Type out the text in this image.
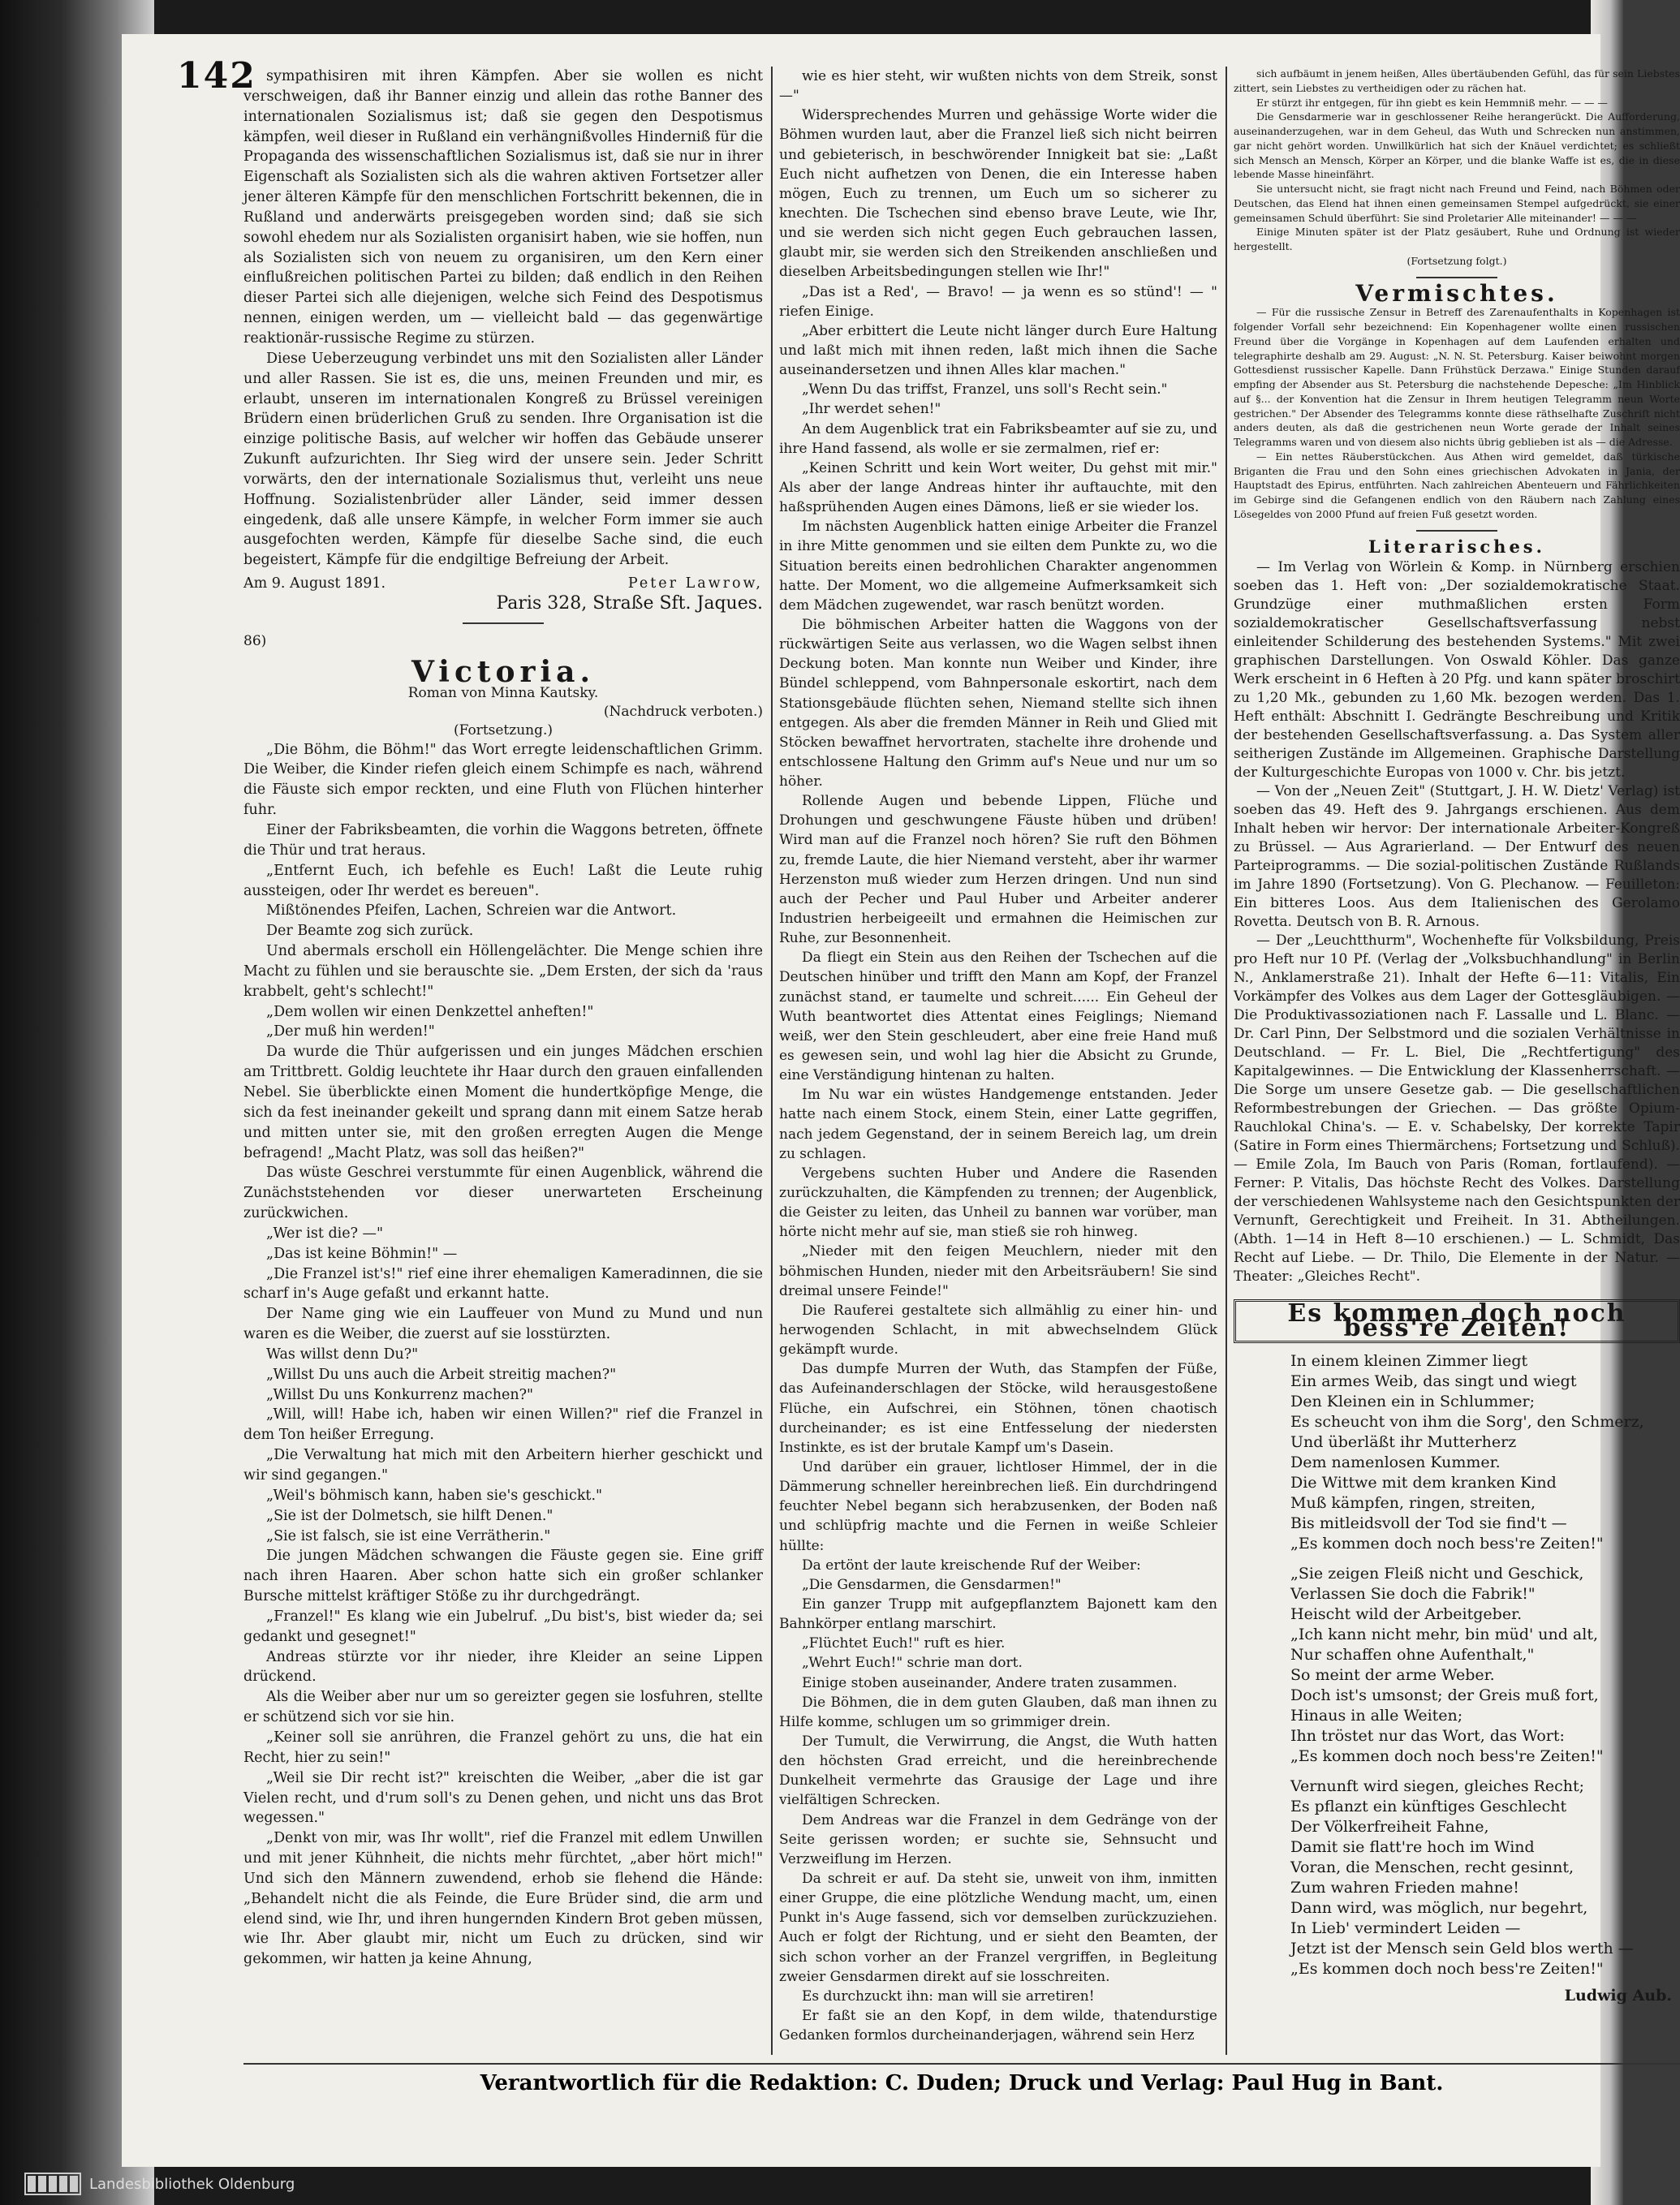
142 sympathisiren mit ihren Kämpfen. Aber sie wollen es nicht verschweigen, daß ihr Banner einzig und allein das rothe Banner des internationalen Sozialismus ist; daß sie gegen den Despotismus kämpfen, weil dieser in Rußland ein verhängnißvolles Hinderniß für die Propaganda des wissenschaftlichen Sozialismus ist, daß sie nur in ihrer Eigenschaft als Sozialisten sich als die wahren aktiven Fortsetzer aller jener älteren Kämpfe für den menschlichen Fortschritt bekennen, die in Rußland und anderwärts preisgegeben worden sind; daß sie sich sowohl ehedem nur als Sozialisten organisirt haben, wie sie hoffen, nun als Sozialisten sich von neuem zu organisiren, um den Kern einer einflußreichen politischen Partei zu bilden; daß endlich in den Reihen dieser Partei sich alle diejenigen, welche sich Feind des Despotismus nennen, einigen werden, um — vielleicht bald — das gegenwärtige reaktionär-russische Regime zu stürzen.

Diese Ueberzeugung verbindet uns mit den Sozialisten aller Länder und aller Rassen. Sie ist es, die uns, meinen Freunden und mir, es erlaubt, unseren im internationalen Kongreß zu Brüssel vereinigen Brüdern einen brüderlichen Gruß zu senden. Ihre Organisation ist die einzige politische Basis, auf welcher wir hoffen das Gebäude unserer Zukunft aufzurichten. Ihr Sieg wird der unsere sein. Jeder Schritt vorwärts, den der internationale Sozialismus thut, verleiht uns neue Hoffnung. Sozialistenbrüder aller Länder, seid immer dessen eingedenk, daß alle unsere Kämpfe, in welcher Form immer sie auch ausgefochten werden, Kämpfe für dieselbe Sache sind, die euch begeistert, Kämpfe für die endgiltige Befreiung der Arbeit.

Am 9. August 1891.	Peter Lawrow,

Paris 328, Straße Sft. Jaques.

86)

Victoria.

Roman von Minna Kautsky.

(Nachdruck verboten.)

(Fortsetzung.)

„Die Böhm, die Böhm!" das Wort erregte leidenschaftlichen Grimm. Die Weiber, die Kinder riefen gleich einem Schimpfe es nach, während die Fäuste sich empor reckten, und eine Fluth von Flüchen hinterher fuhr.

Einer der Fabriksbeamten, die vorhin die Waggons betreten, öffnete die Thür und trat heraus.

„Entfernt Euch, ich befehle es Euch! Laßt die Leute ruhig aussteigen, oder Ihr werdet es bereuen".

Mißtönendes Pfeifen, Lachen, Schreien war die Antwort.

Der Beamte zog sich zurück.

Und abermals erscholl ein Höllengelächter. Die Menge schien ihre Macht zu fühlen und sie berauschte sie. „Dem Ersten, der sich da 'raus krabbelt, geht's schlecht!"

„Dem wollen wir einen Denkzettel anheften!"

„Der muß hin werden!"

Da wurde die Thür aufgerissen und ein junges Mädchen erschien am Trittbrett. Goldig leuchtete ihr Haar durch den grauen einfallenden Nebel. Sie überblickte einen Moment die hundertköpfige Menge, die sich da fest ineinander gekeilt und sprang dann mit einem Satze herab und mitten unter sie, mit den großen erregten Augen die Menge befragend! „Macht Platz, was soll das heißen?"

Das wüste Geschrei verstummte für einen Augenblick, während die Zunächststehenden vor dieser unerwarteten Erscheinung zurückwichen.

„Wer ist die? —"

„Das ist keine Böhmin!" —

„Die Franzel ist's!" rief eine ihrer ehemaligen Kameradinnen, die sie scharf in's Auge gefaßt und erkannt hatte.

Der Name ging wie ein Lauffeuer von Mund zu Mund und nun waren es die Weiber, die zuerst auf sie losstürzten.

Was willst denn Du?"

„Willst Du uns auch die Arbeit streitig machen?"

„Willst Du uns Konkurrenz machen?"

„Will, will! Habe ich, haben wir einen Willen?" rief die Franzel in dem Ton heißer Erregung.

„Die Verwaltung hat mich mit den Arbeitern hierher geschickt und wir sind gegangen."

„Weil's böhmisch kann, haben sie's geschickt."

„Sie ist der Dolmetsch, sie hilft Denen."

„Sie ist falsch, sie ist eine Verrätherin."

Die jungen Mädchen schwangen die Fäuste gegen sie. Eine griff nach ihren Haaren. Aber schon hatte sich ein großer schlanker Bursche mittelst kräftiger Stöße zu ihr durchgedrängt.

„Franzel!" Es klang wie ein Jubelruf. „Du bist's, bist wieder da; sei gedankt und gesegnet!"

Andreas stürzte vor ihr nieder, ihre Kleider an seine Lippen drückend.

Als die Weiber aber nur um so gereizter gegen sie losfuhren, stellte er schützend sich vor sie hin.

„Keiner soll sie anrühren, die Franzel gehört zu uns, die hat ein Recht, hier zu sein!"

„Weil sie Dir recht ist?" kreischten die Weiber, „aber die ist gar Vielen recht, und d'rum soll's zu Denen gehen, und nicht uns das Brot wegessen."

„Denkt von mir, was Ihr wollt", rief die Franzel mit edlem Unwillen und mit jener Kühnheit, die nichts mehr fürchtet, „aber hört mich!" Und sich den Männern zuwendend, erhob sie flehend die Hände: „Behandelt nicht die als Feinde, die Eure Brüder sind, die arm und elend sind, wie Ihr, und ihren hungernden Kindern Brot geben müssen, wie Ihr. Aber glaubt mir, nicht um Euch zu drücken, sind wir gekommen, wir hatten ja keine Ahnung,

wie es hier steht, wir wußten nichts von dem Streik, sonst —"

Widersprechendes Murren und gehässige Worte wider die Böhmen wurden laut, aber die Franzel ließ sich nicht beirren und gebieterisch, in beschwörender Innigkeit bat sie: „Laßt Euch nicht aufhetzen von Denen, die ein Interesse haben mögen, Euch zu trennen, um Euch um so sicherer zu knechten. Die Tschechen sind ebenso brave Leute, wie Ihr, und sie werden sich nicht gegen Euch gebrauchen lassen, glaubt mir, sie werden sich den Streikenden anschließen und dieselben Arbeitsbedingungen stellen wie Ihr!"

„Das ist a Red', — Bravo! — ja wenn es so stünd'! — " riefen Einige.

„Aber erbittert die Leute nicht länger durch Eure Haltung und laßt mich mit ihnen reden, laßt mich ihnen die Sache auseinandersetzen und ihnen Alles klar machen."

„Wenn Du das triffst, Franzel, uns soll's Recht sein."

„Ihr werdet sehen!"

An dem Augenblick trat ein Fabriksbeamter auf sie zu, und ihre Hand fassend, als wolle er sie zermalmen, rief er:

„Keinen Schritt und kein Wort weiter, Du gehst mit mir." Als aber der lange Andreas hinter ihr auftauchte, mit den haßsprühenden Augen eines Dämons, ließ er sie wieder los.

Im nächsten Augenblick hatten einige Arbeiter die Franzel in ihre Mitte genommen und sie eilten dem Punkte zu, wo die Situation bereits einen bedrohlichen Charakter angenommen hatte. Der Moment, wo die allgemeine Aufmerksamkeit sich dem Mädchen zugewendet, war rasch benützt worden.

Die böhmischen Arbeiter hatten die Waggons von der rückwärtigen Seite aus verlassen, wo die Wagen selbst ihnen Deckung boten. Man konnte nun Weiber und Kinder, ihre Bündel schleppend, vom Bahnpersonale eskortirt, nach dem Stationsgebäude flüchten sehen, Niemand stellte sich ihnen entgegen. Als aber die fremden Männer in Reih und Glied mit Stöcken bewaffnet hervortraten, stachelte ihre drohende und entschlossene Haltung den Grimm auf's Neue und nur um so höher.

Rollende Augen und bebende Lippen, Flüche und Drohungen und geschwungene Fäuste hüben und drüben! Wird man auf die Franzel noch hören? Sie ruft den Böhmen zu, fremde Laute, die hier Niemand versteht, aber ihr warmer Herzenston muß wieder zum Herzen dringen. Und nun sind auch der Pecher und Paul Huber und Arbeiter anderer Industrien herbeigeeilt und ermahnen die Heimischen zur Ruhe, zur Besonnenheit.

Da fliegt ein Stein aus den Reihen der Tschechen auf die Deutschen hinüber und trifft den Mann am Kopf, der Franzel zunächst stand, er taumelte und schreit...... Ein Geheul der Wuth beantwortet dies Attentat eines Feiglings; Niemand weiß, wer den Stein geschleudert, aber eine freie Hand muß es gewesen sein, und wohl lag hier die Absicht zu Grunde, eine Verständigung hintenan zu halten.

Im Nu war ein wüstes Handgemenge entstanden. Jeder hatte nach einem Stock, einem Stein, einer Latte gegriffen, nach jedem Gegenstand, der in seinem Bereich lag, um drein zu schlagen.

Vergebens suchten Huber und Andere die Rasenden zurückzuhalten, die Kämpfenden zu trennen; der Augenblick, die Geister zu leiten, das Unheil zu bannen war vorüber, man hörte nicht mehr auf sie, man stieß sie roh hinweg.

„Nieder mit den feigen Meuchlern, nieder mit den böhmischen Hunden, nieder mit den Arbeitsräubern! Sie sind dreimal unsere Feinde!"

Die Rauferei gestaltete sich allmählig zu einer hin- und herwogenden Schlacht, in mit abwechselndem Glück gekämpft wurde.

Das dumpfe Murren der Wuth, das Stampfen der Füße, das Aufeinanderschlagen der Stöcke, wild herausgestoßene Flüche, ein Aufschrei, ein Stöhnen, tönen chaotisch durcheinander; es ist eine Entfesselung der niedersten Instinkte, es ist der brutale Kampf um's Dasein.

Und darüber ein grauer, lichtloser Himmel, der in die Dämmerung schneller hereinbrechen ließ. Ein durchdringend feuchter Nebel begann sich herabzusenken, der Boden naß und schlüpfrig machte und die Fernen in weiße Schleier hüllte:

Da ertönt der laute kreischende Ruf der Weiber:

„Die Gensdarmen, die Gensdarmen!"

Ein ganzer Trupp mit aufgepflanztem Bajonett kam den Bahnkörper entlang marschirt.

„Flüchtet Euch!" ruft es hier.

„Wehrt Euch!" schrie man dort.

Einige stoben auseinander, Andere traten zusammen.

Die Böhmen, die in dem guten Glauben, daß man ihnen zu Hilfe komme, schlugen um so grimmiger drein.

Der Tumult, die Verwirrung, die Angst, die Wuth hatten den höchsten Grad erreicht, und die hereinbrechende Dunkelheit vermehrte das Grausige der Lage und ihre vielfältigen Schrecken.

Dem Andreas war die Franzel in dem Gedränge von der Seite gerissen worden; er suchte sie, Sehnsucht und Verzweiflung im Herzen.

Da schreit er auf. Da steht sie, unweit von ihm, inmitten einer Gruppe, die eine plötzliche Wendung macht, um, einen Punkt in's Auge fassend, sich vor demselben zurückzuziehen. Auch er folgt der Richtung, und er sieht den Beamten, der sich schon vorher an der Franzel vergriffen, in Begleitung zweier Gensdarmen direkt auf sie losschreiten.

Es durchzuckt ihn: man will sie arretiren!

Er faßt sie an den Kopf, in dem wilde, thatendurstige Gedanken formlos durcheinanderjagen, während sein Herz

sich aufbäumt in jenem heißen, Alles übertäubenden Gefühl, das für sein Liebstes zittert, sein Liebstes zu vertheidigen oder zu rächen hat.

Er stürzt ihr entgegen, für ihn giebt es kein Hemmniß mehr. — — —

Die Gensdarmerie war in geschlossener Reihe herangerückt. Die Aufforderung, auseinanderzugehen, war in dem Geheul, das Wuth und Schrecken nun anstimmen, gar nicht gehört worden. Unwillkürlich hat sich der Knäuel verdichtet; es schließt sich Mensch an Mensch, Körper an Körper, und die blanke Waffe ist es, die in diese lebende Masse hineinfährt.

Sie untersucht nicht, sie fragt nicht nach Freund und Feind, nach Böhmen oder Deutschen, das Elend hat ihnen einen gemeinsamen Stempel aufgedrückt, sie einer gemeinsamen Schuld überführt: Sie sind Proletarier Alle miteinander! — — —

Einige Minuten später ist der Platz gesäubert, Ruhe und Ordnung ist wieder hergestellt.

(Fortsetzung folgt.)

Vermischtes.

— Für die russische Zensur in Betreff des Zarenaufenthalts in Kopenhagen ist folgender Vorfall sehr bezeichnend: Ein Kopenhagener wollte einen russischen Freund über die Vorgänge in Kopenhagen auf dem Laufenden erhalten und telegraphirte deshalb am 29. August: „N. N. St. Petersburg. Kaiser beiwohnt morgen Gottesdienst russischer Kapelle. Dann Frühstück Derzawa." Einige Stunden darauf empfing der Absender aus St. Petersburg die nachstehende Depesche: „Im Hinblick auf §... der Konvention hat die Zensur in Ihrem heutigen Telegramm neun Worte gestrichen." Der Absender des Telegramms konnte diese räthselhafte Zuschrift nicht anders deuten, als daß die gestrichenen neun Worte gerade der Inhalt seines Telegramms waren und von diesem also nichts übrig geblieben ist als — die Adresse.

— Ein nettes Räuberstückchen. Aus Athen wird gemeldet, daß türkische Briganten die Frau und den Sohn eines griechischen Advokaten in Jania, der Hauptstadt des Epirus, entführten. Nach zahlreichen Abenteuern und Fährlichkeiten im Gebirge sind die Gefangenen endlich von den Räubern nach Zahlung eines Lösegeldes von 2000 Pfund auf freien Fuß gesetzt worden.

Literarisches.

— Im Verlag von Wörlein & Komp. in Nürnberg erschien soeben das 1. Heft von: „Der sozialdemokratische Staat. Grundzüge einer muthmaßlichen ersten Form sozialdemokratischer Gesellschaftsverfassung nebst einleitender Schilderung des bestehenden Systems." Mit zwei graphischen Darstellungen. Von Oswald Köhler. Das ganze Werk erscheint in 6 Heften à 20 Pfg. und kann später broschirt zu 1,20 Mk., gebunden zu 1,60 Mk. bezogen werden. Das 1. Heft enthält: Abschnitt I. Gedrängte Beschreibung und Kritik der bestehenden Gesellschaftsverfassung. a. Das System aller seitherigen Zustände im Allgemeinen. Graphische Darstellung der Kulturgeschichte Europas von 1000 v. Chr. bis jetzt.

— Von der „Neuen Zeit" (Stuttgart, J. H. W. Dietz' Verlag) ist soeben das 49. Heft des 9. Jahrgangs erschienen. Aus dem Inhalt heben wir hervor: Der internationale Arbeiter-Kongreß zu Brüssel. — Aus Agrarierland. — Der Entwurf des neuen Parteiprogramms. — Die sozial-politischen Zustände Rußlands im Jahre 1890 (Fortsetzung). Von G. Plechanow. — Feuilleton: Ein bitteres Loos. Aus dem Italienischen des Gerolamo Rovetta. Deutsch von B. R. Arnous.

— Der „Leuchtthurm", Wochenhefte für Volksbildung, Preis pro Heft nur 10 Pf. (Verlag der „Volksbuchhandlung" in Berlin N., Anklamerstraße 21). Inhalt der Hefte 6—11: Vitalis, Ein Vorkämpfer des Volkes aus dem Lager der Gottesgläubigen. — Die Produktivassoziationen nach F. Lassalle und L. Blanc. — Dr. Carl Pinn, Der Selbstmord und die sozialen Verhältnisse in Deutschland. — Fr. L. Biel, Die „Rechtfertigung" des Kapitalgewinnes. — Die Entwicklung der Klassenherrschaft. — Die Sorge um unsere Gesetze gab. — Die gesellschaftlichen Reformbestrebungen der Griechen. — Das größte Opium-Rauchlokal China's. — E. v. Schabelsky, Der korrekte Tapir (Satire in Form eines Thiermärchens; Fortsetzung und Schluß). — Emile Zola, Im Bauch von Paris (Roman, fortlaufend). — Ferner: P. Vitalis, Das höchste Recht des Volkes. Darstellung der verschiedenen Wahlsysteme nach den Gesichtspunkten der Vernunft, Gerechtigkeit und Freiheit. In 31. Abtheilungen. (Abth. 1—14 in Heft 8—10 erschienen.) — L. Schmidt, Das Recht auf Liebe. — Dr. Thilo, Die Elemente in der Natur. — Theater: „Gleiches Recht".

Es kommen doch noch bess're Zeiten!
In einem kleinen Zimmer liegt
Ein armes Weib, das singt und wiegt
Den Kleinen ein in Schlummer;
Es scheucht von ihm die Sorg', den Schmerz,
Und überläßt ihr Mutterherz
Dem namenlosen Kummer.
Die Wittwe mit dem kranken Kind
Muß kämpfen, ringen, streiten,
Bis mitleidsvoll der Tod sie find't —
„Es kommen doch noch bess're Zeiten!"
„Sie zeigen Fleiß nicht und Geschick,
Verlassen Sie doch die Fabrik!"
Heischt wild der Arbeitgeber.
„Ich kann nicht mehr, bin müd' und alt,
Nur schaffen ohne Aufenthalt,"
So meint der arme Weber.
Doch ist's umsonst; der Greis muß fort,
Hinaus in alle Weiten;
Ihn tröstet nur das Wort, das Wort:
„Es kommen doch noch bess're Zeiten!"
Vernunft wird siegen, gleiches Recht;
Es pflanzt ein künftiges Geschlecht
Der Völkerfreiheit Fahne,
Damit sie flatt're hoch im Wind
Voran, die Menschen, recht gesinnt,
Zum wahren Frieden mahne!
Dann wird, was möglich, nur begehrt,
In Lieb' vermindert Leiden —
Jetzt ist der Mensch sein Geld blos werth —
„Es kommen doch noch bess're Zeiten!"
Ludwig Aub.
Verantwortlich für die Redaktion: C. Duden; Druck und Verlag: Paul Hug in Bant.
Landesbibliothek Oldenburg
